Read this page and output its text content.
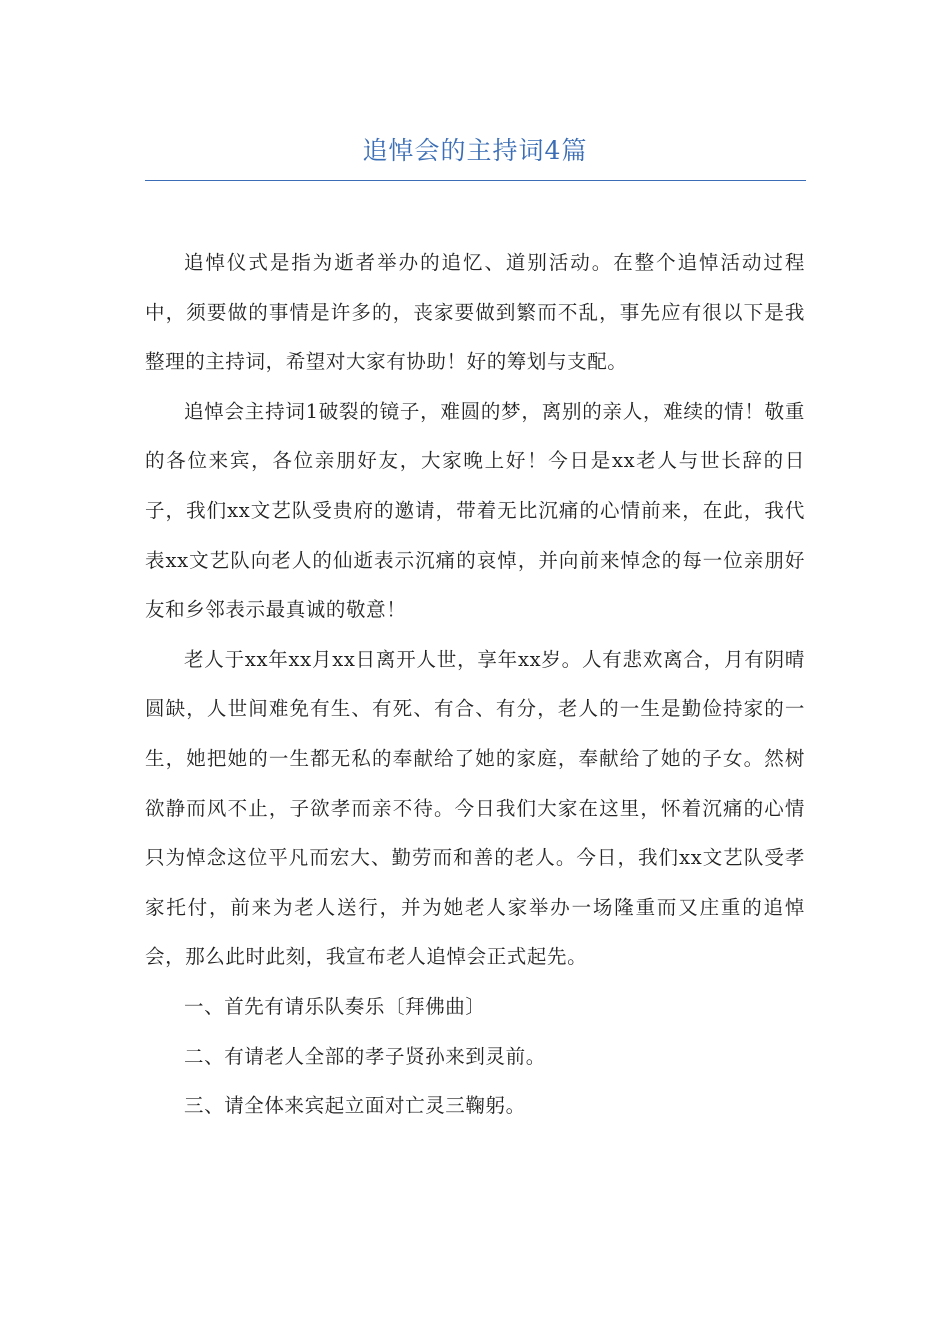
追悼会的主持词4篇

追悼仪式是指为逝者举办的追忆、道别活动。在整个追悼活动过程中，须要做的事情是许多的，丧家要做到繁而不乱，事先应有很以下是我整理的主持词，希望对大家有协助！好的筹划与支配。

追悼会主持词1破裂的镜子，难圆的梦，离别的亲人，难续的情！敬重的各位来宾，各位亲朋好友，大家晚上好！今日是xx老人与世长辞的日子，我们xx文艺队受贵府的邀请，带着无比沉痛的心情前来，在此，我代表xx文艺队向老人的仙逝表示沉痛的哀悼，并向前来悼念的每一位亲朋好友和乡邻表示最真诚的敬意！

老人于xx年xx月xx日离开人世，享年xx岁。人有悲欢离合，月有阴晴圆缺，人世间难免有生、有死、有合、有分，老人的一生是勤俭持家的一生，她把她的一生都无私的奉献给了她的家庭，奉献给了她的子女。然树欲静而风不止，子欲孝而亲不待。今日我们大家在这里，怀着沉痛的心情只为悼念这位平凡而宏大、勤劳而和善的老人。今日，我们xx文艺队受孝家托付，前来为老人送行，并为她老人家举办一场隆重而又庄重的追悼会，那么此时此刻，我宣布老人追悼会正式起先。

一、首先有请乐队奏乐〔拜佛曲〕

二、有请老人全部的孝子贤孙来到灵前。

三、请全体来宾起立面对亡灵三鞠躬。
